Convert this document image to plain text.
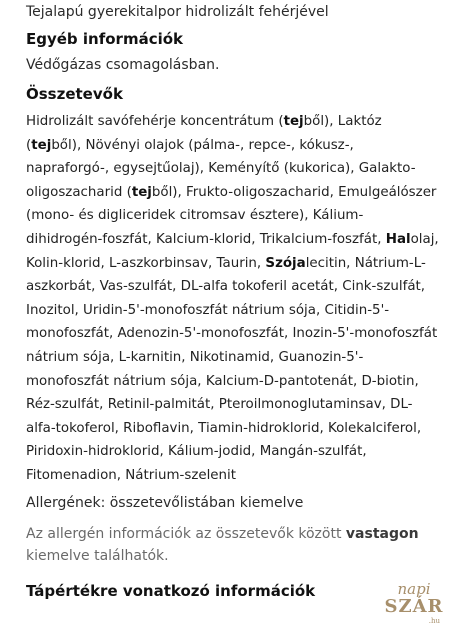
Tejalapú gyerekitalpor hidrolizált fehérjével
Egyéb információk
Védőgázas csomagolásban.
Összetevők
Hidrolizált savófehérje koncentrátum (tejből), Laktóz (tejből), Növényi olajok (pálma-, repce-, kókusz-, napraforgó-, egysejtűolaj), Keményítő (kukorica), Galakto-oligoszacharid (tejből), Frukto-oligoszacharid, Emulgeálószer (mono- és digliceridek citromsav észtere), Kálium-dihidrogén-foszfát, Kalcium-klorid, Trikalcium-foszfát, Halolaj, Kolin-klorid, L-aszkorbinsav, Taurin, Szójalecitin, Nátrium-L-aszkorbát, Vas-szulfát, DL-alfa tokoferil acetát, Cink-szulfát, Inozitol, Uridin-5'-monofoszfát nátrium sója, Citidin-5'-monofoszfát, Adenozin-5'-monofoszfát, Inozin-5'-monofoszfát nátrium sója, L-karnitin, Nikotinamid, Guanozin-5'-monofoszfát nátrium sója, Kalcium-D-pantotenát, D-biotin, Réz-szulfát, Retinil-palmitát, Pteroilmonoglutaminsav, DL-alfa-tokoferol, Riboflavin, Tiamin-hidroklorid, Kolekalciferol, Piridoxin-hidroklorid, Kálium-jodid, Mangán-szulfát, Fitomenadion, Nátrium-szelenit
Allergének: összetevőlistában kiemelve
Az allergén információk az összetevők között vastagon kiemelve találhatók.
Tápértékre vonatkozó információk	napi
SZÁR
.hu
